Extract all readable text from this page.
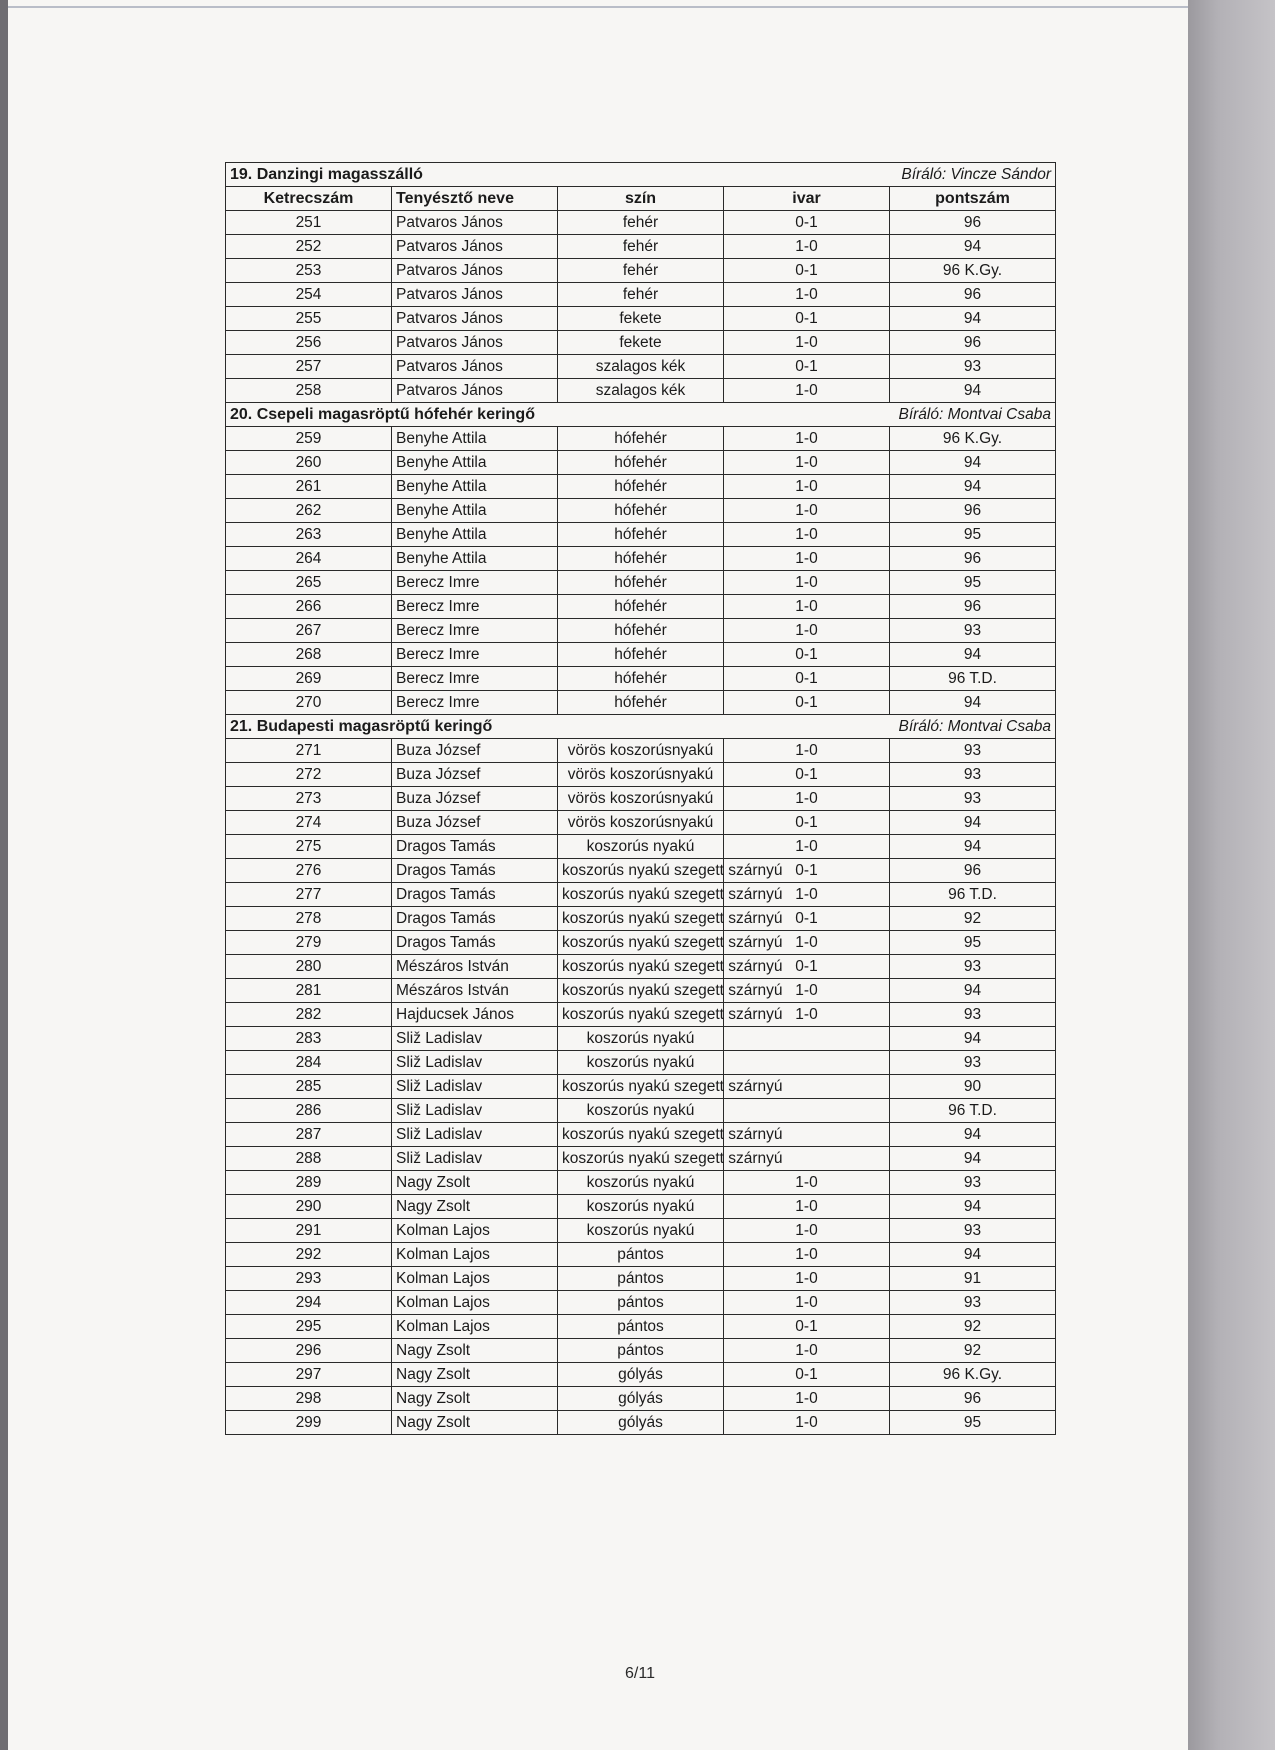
19. Danzingi magasszálló			Bíráló: Vincze Sándor	
Ketrecszám	Tenyésztő neve	szín	ivar	pontszám
251	Patvaros János	fehér	0-1	96
252	Patvaros János	fehér	1-0	94
253	Patvaros János	fehér	0-1	96 K.Gy.
254	Patvaros János	fehér	1-0	96
255	Patvaros János	fekete	0-1	94
256	Patvaros János	fekete	1-0	96
257	Patvaros János	szalagos kék	0-1	93
258	Patvaros János	szalagos kék	1-0	94
20. Csepeli magasröptű hófehér keringő			Bíráló: Montvai Csaba	
259	Benyhe Attila	hófehér	1-0	96 K.Gy.
260	Benyhe Attila	hófehér	1-0	94
261	Benyhe Attila	hófehér	1-0	94
262	Benyhe Attila	hófehér	1-0	96
263	Benyhe Attila	hófehér	1-0	95
264	Benyhe Attila	hófehér	1-0	96
265	Berecz Imre	hófehér	1-0	95
266	Berecz Imre	hófehér	1-0	96
267	Berecz Imre	hófehér	1-0	93
268	Berecz Imre	hófehér	0-1	94
269	Berecz Imre	hófehér	0-1	96 T.D.
270	Berecz Imre	hófehér	0-1	94
21. Budapesti magasröptű keringő			Bíráló: Montvai Csaba	
271	Buza József	vörös koszorúsnyakú	1-0	93
272	Buza József	vörös koszorúsnyakú	0-1	93
273	Buza József	vörös koszorúsnyakú	1-0	93
274	Buza József	vörös koszorúsnyakú	0-1	94
275	Dragos Tamás	koszorús nyakú	1-0	94
276	Dragos Tamás	koszorús nyakú szegett szárnyú	0-1	96
277	Dragos Tamás	koszorús nyakú szegett szárnyú	1-0	96 T.D.
278	Dragos Tamás	koszorús nyakú szegett szárnyú	0-1	92
279	Dragos Tamás	koszorús nyakú szegett szárnyú	1-0	95
280	Mészáros István	koszorús nyakú szegett szárnyú	0-1	93
281	Mészáros István	koszorús nyakú szegett szárnyú	1-0	94
282	Hajducsek János	koszorús nyakú szegett szárnyú	1-0	93
283	Sliž Ladislav	koszorús nyakú		94
284	Sliž Ladislav	koszorús nyakú		93
285	Sliž Ladislav	koszorús nyakú szegett szárnyú		90
286	Sliž Ladislav	koszorús nyakú		96 T.D.
287	Sliž Ladislav	koszorús nyakú szegett szárnyú		94
288	Sliž Ladislav	koszorús nyakú szegett szárnyú		94
289	Nagy Zsolt	koszorús nyakú	1-0	93
290	Nagy Zsolt	koszorús nyakú	1-0	94
291	Kolman Lajos	koszorús nyakú	1-0	93
292	Kolman Lajos	pántos	1-0	94
293	Kolman Lajos	pántos	1-0	91
294	Kolman Lajos	pántos	1-0	93
295	Kolman Lajos	pántos	0-1	92
296	Nagy Zsolt	pántos	1-0	92
297	Nagy Zsolt	gólyás	0-1	96 K.Gy.
298	Nagy Zsolt	gólyás	1-0	96
299	Nagy Zsolt	gólyás	1-0	95
6/11
